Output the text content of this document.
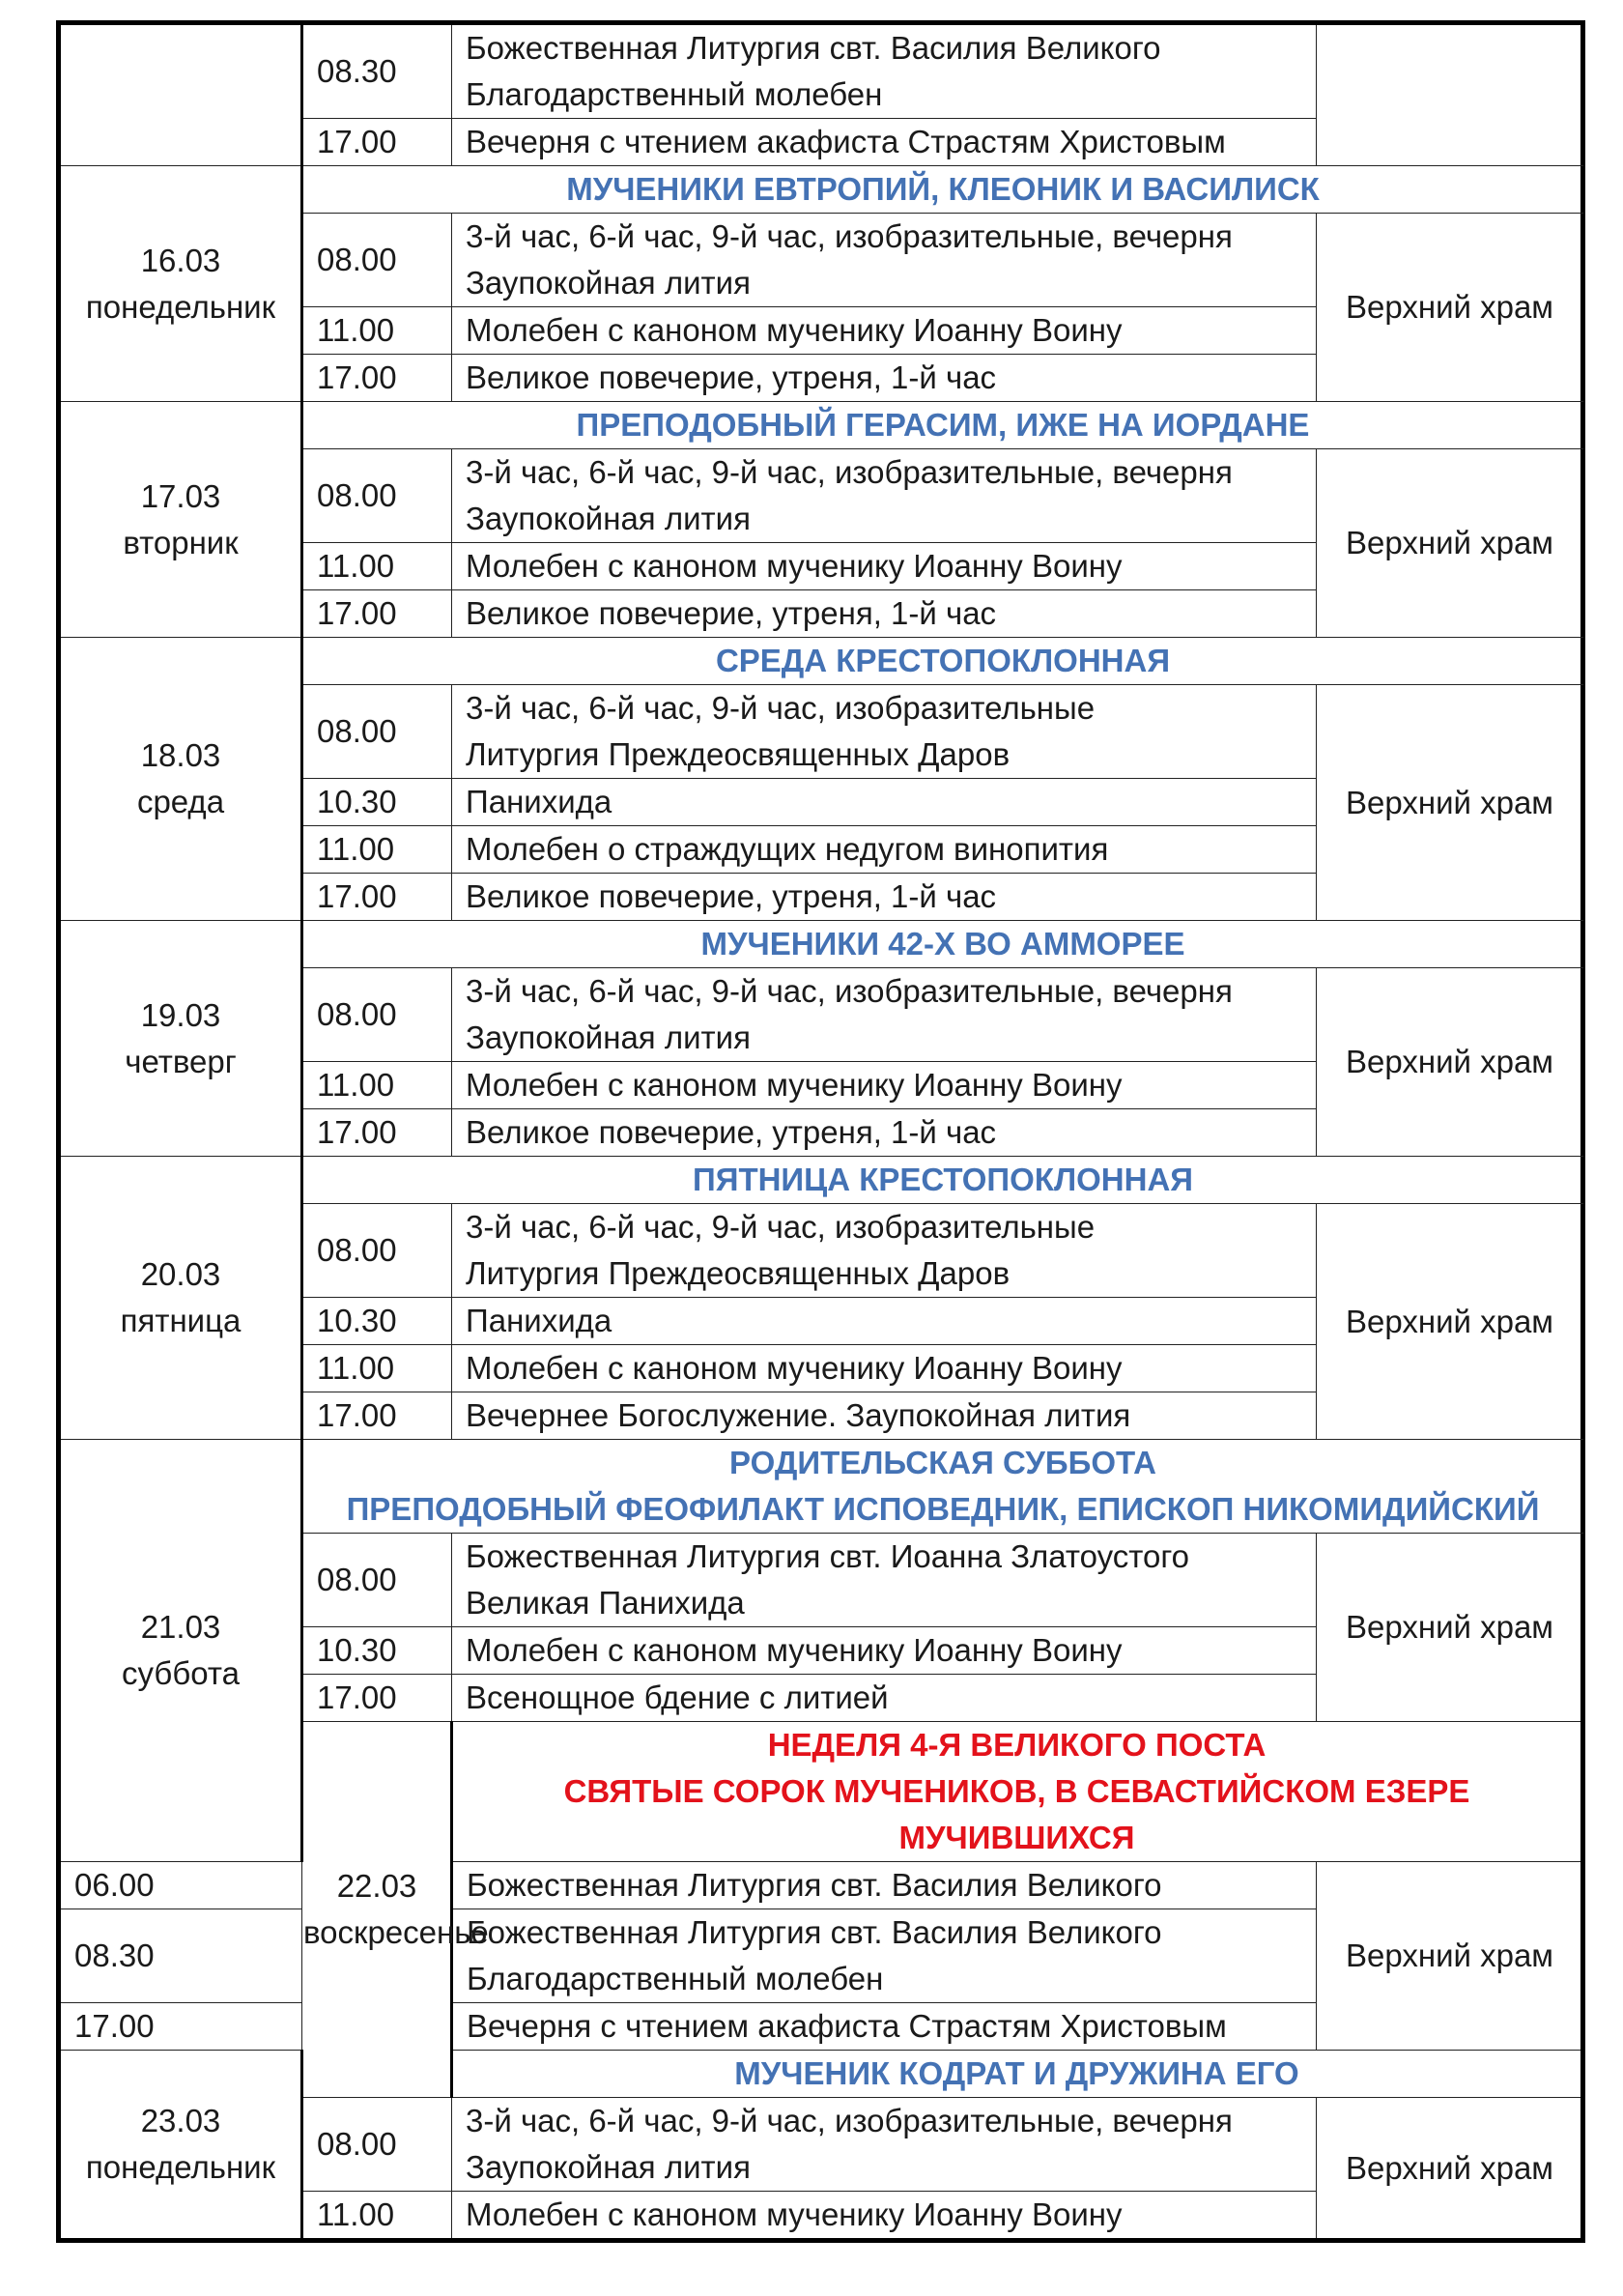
	08.30	Божественная Литургия свт. Василия Великого
Благодарственный молебен	

	17.00	Вечерня с чтением акафиста Страстям Христовым	

16.03
понедельник	МУЧЕНИКИ ЕВТРОПИЙ, КЛЕОНИК И ВАСИЛИСК		

	08.00	3-й час, 6-й час, 9-й час, изобразительные, вечерня
Заупокойная лития	Верхний храм
	11.00	Молебен с каноном мученику Иоанну Воину	

	17.00	Великое повечерие, утреня, 1-й час	

17.03
вторник	ПРЕПОДОБНЫЙ ГЕРАСИМ, ИЖЕ НА ИОРДАНЕ		

	08.00	3-й час, 6-й час, 9-й час, изобразительные, вечерня
Заупокойная лития	Верхний храм
	11.00	Молебен с каноном мученику Иоанну Воину	

	17.00	Великое повечерие, утреня, 1-й час	

18.03
среда	СРЕДА КРЕСТОПОКЛОННАЯ		

	08.00	3-й час, 6-й час, 9-й час, изобразительные
Литургия Преждеосвященных Даров	Верхний храм
	10.30	Панихида	

	11.00	Молебен о страждущих недугом винопития	

	17.00	Великое повечерие, утреня, 1-й час	

19.03
четверг	МУЧЕНИКИ 42-Х ВО АММОРЕЕ		

	08.00	3-й час, 6-й час, 9-й час, изобразительные, вечерня
Заупокойная лития	Верхний храм
	11.00	Молебен с каноном мученику Иоанну Воину	

	17.00	Великое повечерие, утреня, 1-й час	

20.03
пятница	ПЯТНИЦА КРЕСТОПОКЛОННАЯ		

	08.00	3-й час, 6-й час, 9-й час, изобразительные
Литургия Преждеосвященных Даров	Верхний храм
	10.30	Панихида	

	11.00	Молебен с каноном мученику Иоанну Воину	

	17.00	Вечернее Богослужение. Заупокойная лития	

21.03
суббота	РОДИТЕЛЬСКАЯ СУББОТА
ПРЕПОДОБНЫЙ ФЕОФИЛАКТ ИСПОВЕДНИК, ЕПИСКОП НИКОМИДИЙСКИЙ		

	08.00	Божественная Литургия свт. Иоанна Златоустого
Великая Панихида	Верхний храм
	10.30	Молебен с каноном мученику Иоанну Воину	

	17.00	Всенощное бдение с литией	

	22.03
воскресенье	НЕДЕЛЯ 4-Я ВЕЛИКОГО ПОСТА
СВЯТЫЕ СОРОК МУЧЕНИКОВ, В СЕВАСТИЙСКОМ ЕЗЕРЕ МУЧИВШИХСЯ	

06.00		Божественная Литургия свт. Василия Великого	Верхний храм
08.30		Божественная Литургия свт. Василия Великого
Благодарственный молебен	

17.00		Вечерня с чтением акафиста Страстям Христовым	

23.03
понедельник		МУЧЕНИК КОДРАТ И ДРУЖИНА ЕГО	

	08.00	3-й час, 6-й час, 9-й час, изобразительные, вечерня
Заупокойная лития	Верхний храм
	11.00	Молебен с каноном мученику Иоанну Воину	
